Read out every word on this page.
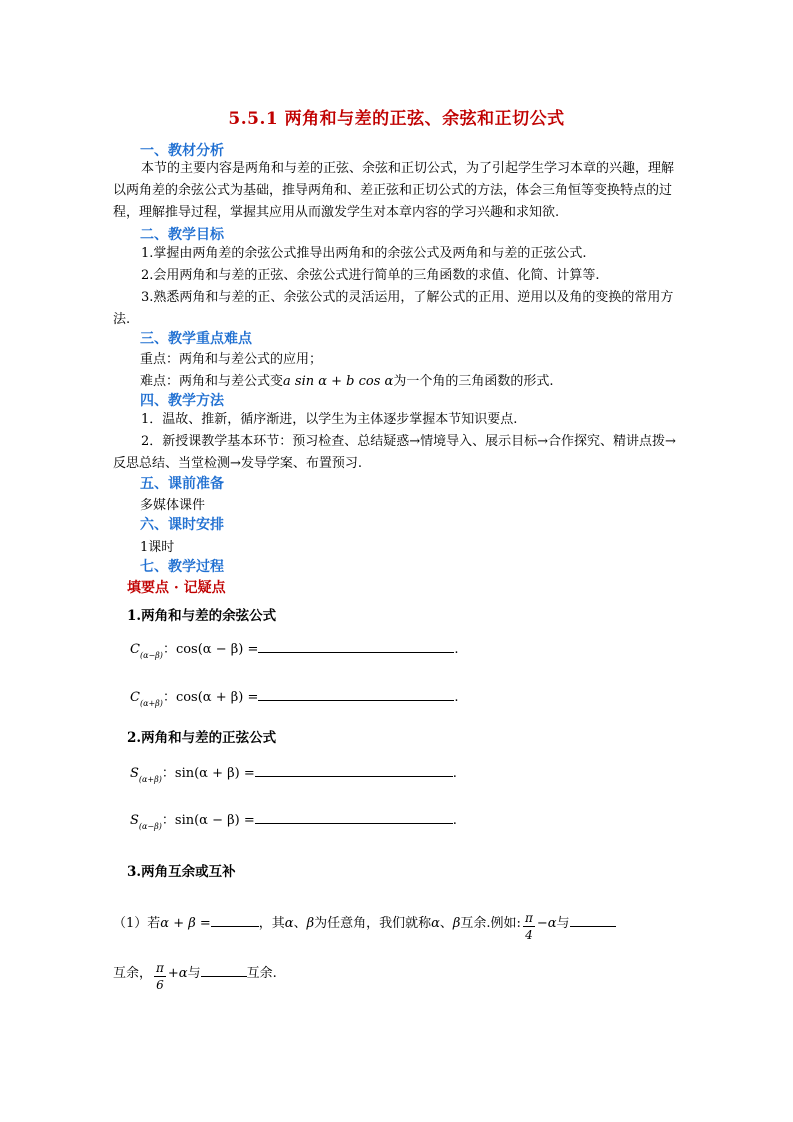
5.5.1 两角和与差的正弦、余弦和正切公式
一、教材分析
本节的主要内容是两角和与差的正弦、余弦和正切公式，为了引起学生学习本章的兴趣，理解以两角差的余弦公式为基础，推导两角和、差正弦和正切公式的方法，体会三角恒等变换特点的过程，理解推导过程，掌握其应用从而激发学生对本章内容的学习兴趣和求知欲.
二、教学目标
1.掌握由两角差的余弦公式推导出两角和的余弦公式及两角和与差的正弦公式.
2.会用两角和与差的正弦、余弦公式进行简单的三角函数的求值、化简、计算等.
3.熟悉两角和与差的正、余弦公式的灵活运用，了解公式的正用、逆用以及角的变换的常用方法.
三、教学重点难点
重点：两角和与差公式的应用；
难点：两角和与差公式变a sin α + b cos α为一个角的三角函数的形式.
四、教学方法
1．温故、推新，循序渐进，以学生为主体逐步掌握本节知识要点.
2．新授课教学基本环节：预习检查、总结疑惑→情境导入、展示目标→合作探究、精讲点拨→反思总结、当堂检测→发导学案、布置预习.
五、课前准备
多媒体课件
六、课时安排
1课时
七、教学过程
填要点 · 记疑点
1.两角和与差的余弦公式
$C_{(\alpha-\beta)}$：cos(α − β) =	.
$C_{(\alpha+\beta)}$：cos(α + β) =	.
2.两角和与差的正弦公式
$S_{(\alpha+\beta)}$：sin(α + β) =	.
$S_{(\alpha-\beta)}$：sin(α − β) =	.
3.两角互余或互补
（1）若α + β =	，其α、β为任意角，我们就称α、β互余.例如: $\frac{\pi}{4} -\alpha$与
互余， $\frac{\pi}{6} +\alpha$与	互余.
